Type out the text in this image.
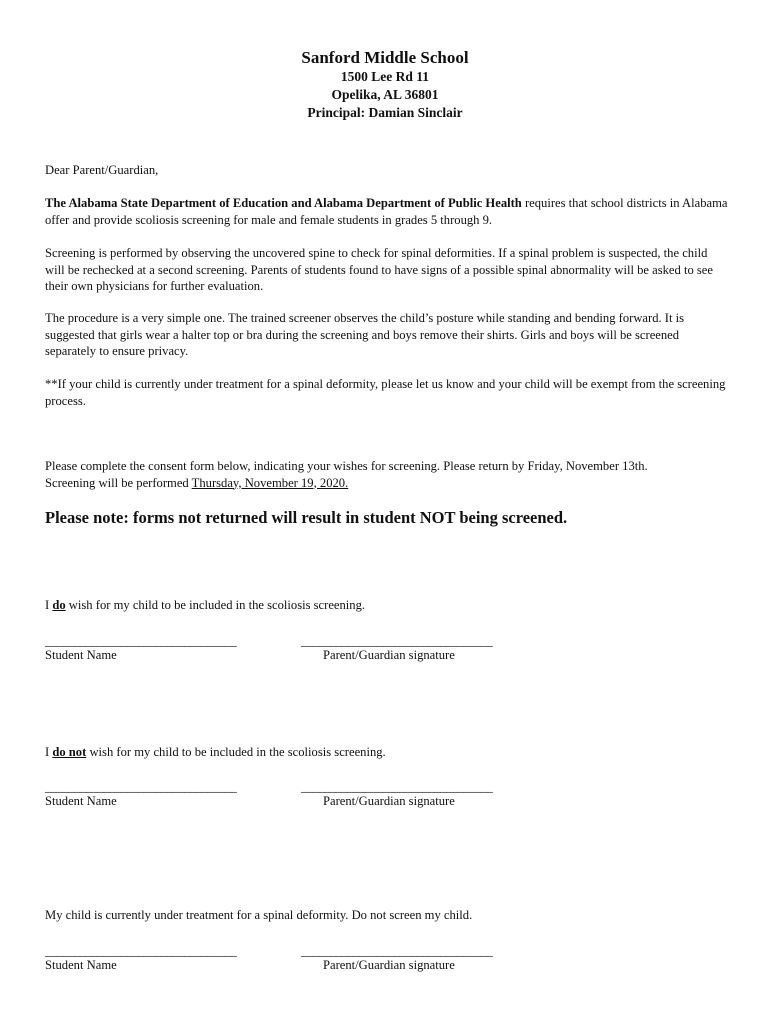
Sanford Middle School
1500 Lee Rd 11
Opelika, AL 36801
Principal: Damian Sinclair

Dear Parent/Guardian,

The Alabama State Department of Education and Alabama Department of Public Health requires that school districts in Alabama offer and provide scoliosis screening for male and female students in grades 5 through 9.

Screening is performed by observing the uncovered spine to check for spinal deformities. If a spinal problem is suspected, the child will be rechecked at a second screening. Parents of students found to have signs of a possible spinal abnormality will be asked to see their own physicians for further evaluation.

The procedure is a very simple one. The trained screener observes the child’s posture while standing and bending forward. It is suggested that girls wear a halter top or bra during the screening and boys remove their shirts. Girls and boys will be screened separately to ensure privacy.

**If your child is currently under treatment for a spinal deformity, please let us know and your child will be exempt from the screening process.

Please complete the consent form below, indicating your wishes for screening. Please return by Friday, November 13th.
Screening will be performed Thursday, November 19, 2020.

Please note: forms not returned will result in student NOT being screened.

I do wish for my child to be included in the scoliosis screening.

_________________________________	_________________________________
Student Name	Parent/Guardian signature

I do not wish for my child to be included in the scoliosis screening.

_________________________________	_________________________________
Student Name	Parent/Guardian signature

My child is currently under treatment for a spinal deformity. Do not screen my child.

_________________________________	_________________________________
Student Name	Parent/Guardian signature
